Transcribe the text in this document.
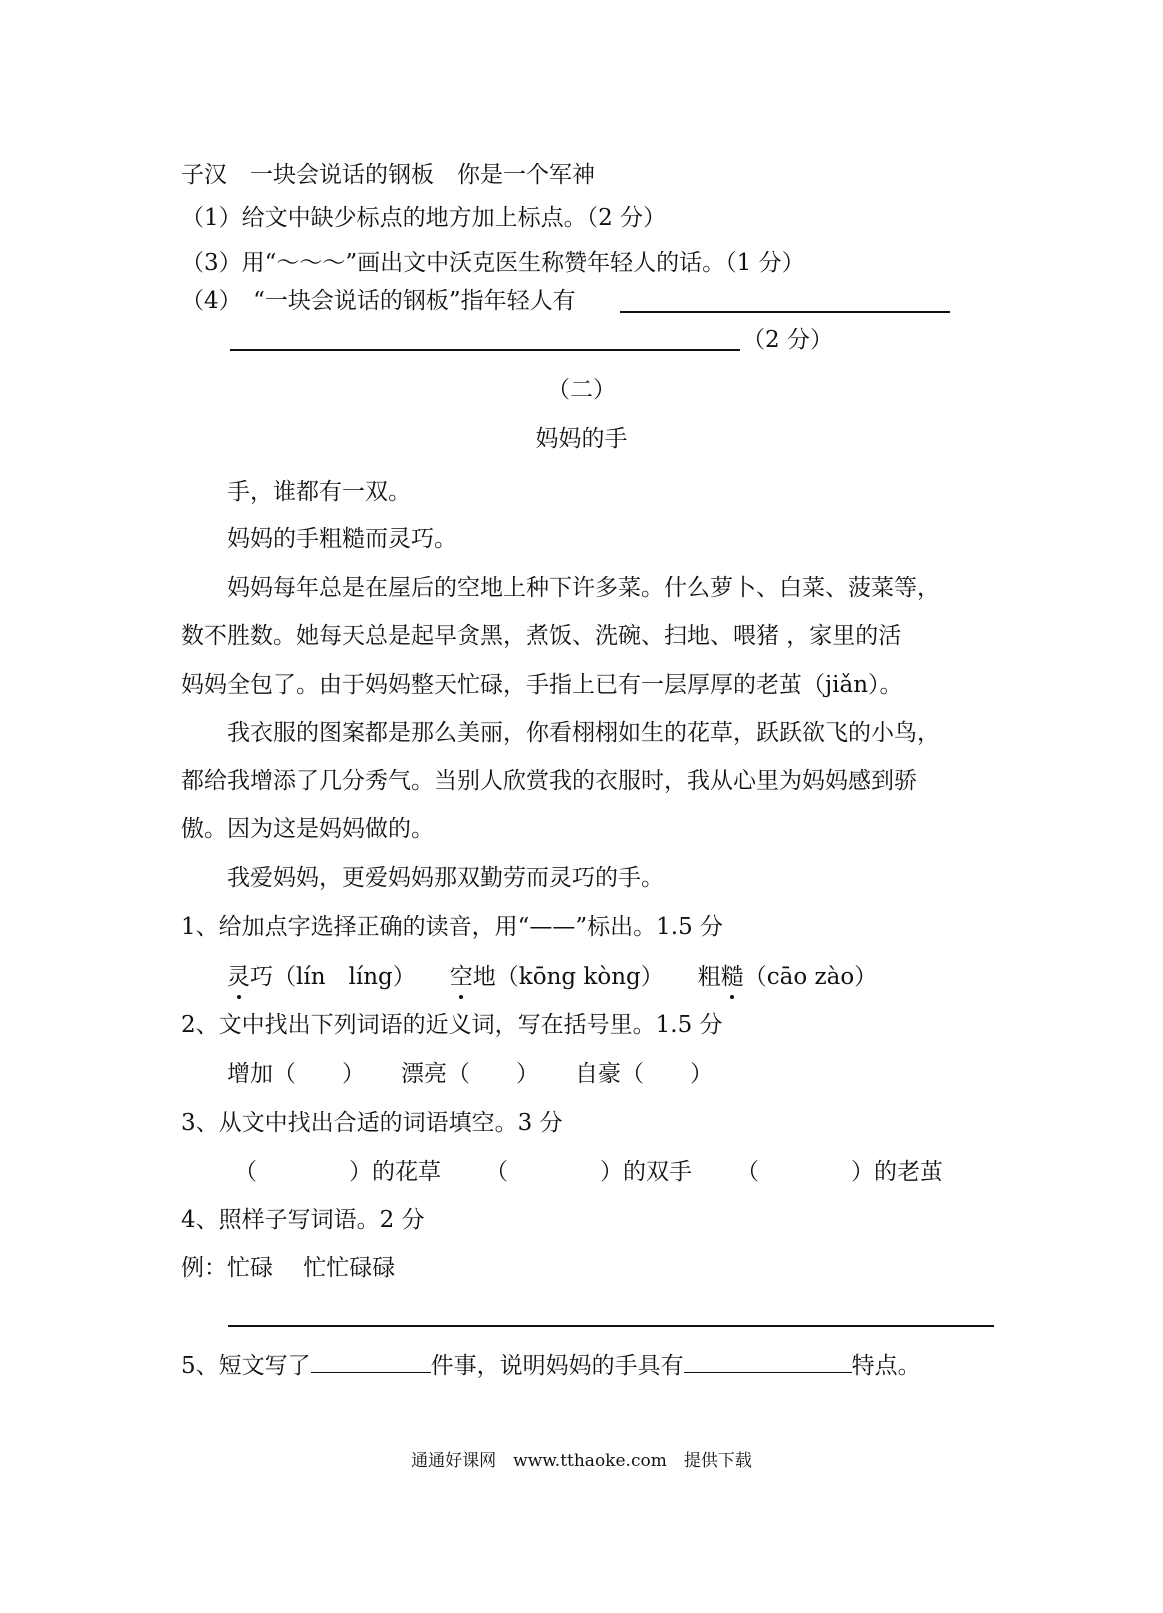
子汉　一块会说话的钢板　你是一个军神
（1）给文中缺少标点的地方加上标点。（2 分）
（3）用“～～～”画出文中沃克医生称赞年轻人的话。（1 分）
（4）　“一块会说话的钢板”指年轻人有
（2 分）
（二）
妈妈的手
手，谁都有一双。
妈妈的手粗糙而灵巧。
妈妈每年总是在屋后的空地上种下许多菜。什么萝卜、白菜、菠菜等，
数不胜数。她每天总是起早贪黑，煮饭、洗碗、扫地、喂猪 ，家里的活
妈妈全包了。由于妈妈整天忙碌，手指上已有一层厚厚的老茧（jiǎn）。
我衣服的图案都是那么美丽，你看栩栩如生的花草，跃跃欲飞的小鸟，
都给我增添了几分秀气。当别人欣赏我的衣服时，我从心里为妈妈感到骄
傲。因为这是妈妈做的。
我爱妈妈，更爱妈妈那双勤劳而灵巧的手。
1、给加点字选择正确的读音，用“——”标出。1.5 分
灵巧（lín　líng） 空地（kōng kòng） 粗糙（cāo zào）
2、文中找出下列词语的近义词，写在括号里。1.5 分
增加（　　） 漂亮（　　） 自豪（　　）
3、从文中找出合适的词语填空。3 分
（　　　　）的花草 （　　　　）的双手 （　　　　）的老茧
4、照样子写词语。2 分
例：忙碌　 忙忙碌碌
5、短文写了	件事，说明妈妈的手具有	特点。
通通好课网　www.tthaoke.com　提供下载
